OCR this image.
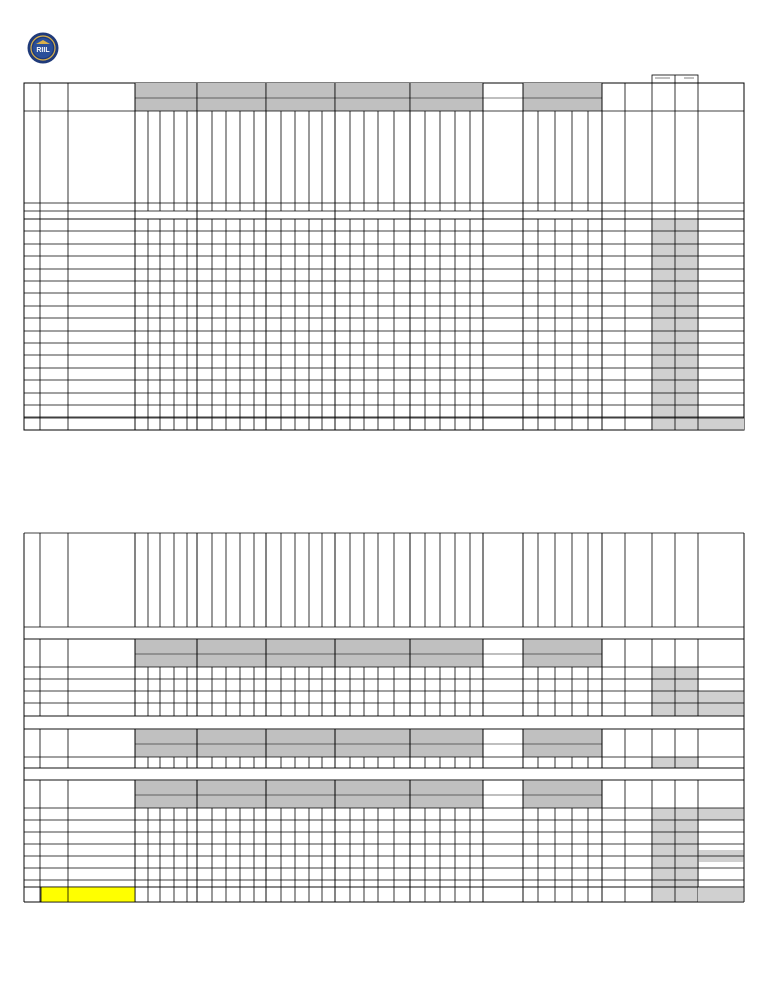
RIIL
